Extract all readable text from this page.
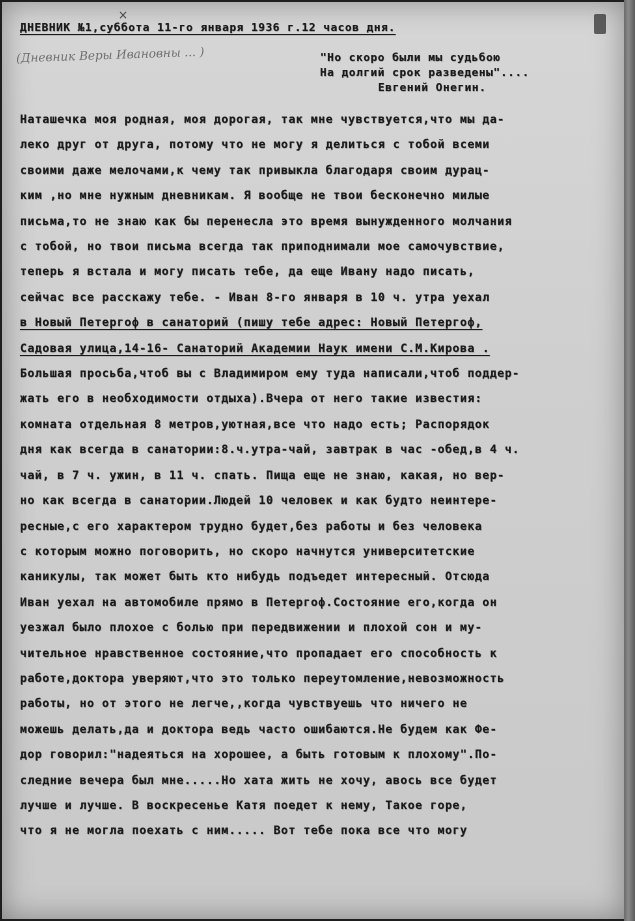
×
ДНЕВНИК №1,суббота 11-го января 1936 г.12 часов дня.
(Дневник Веры Ивановны ... )	"Но скоро были мы судьбою
На долгий срок разведены"....
Евгений Онегин.
Наташечка моя родная, моя дорогая, так мне чувствуется,что мы да-
леко друг от друга, потому что не могу я делиться с тобой всеми
своими даже мелочами,к чему так привыкла благодаря своим дурац-
ким ,но мне нужным дневникам. Я вообще не твои бесконечно милые
письма,то не знаю как бы перенесла это время вынужденного молчания
с тобой, но твои письма всегда так приподнимали мое самочувствие,
теперь я встала и могу писать тебе, да еще Ивану надо писать,
сейчас все расскажу тебе. - Иван 8-го января в 10 ч. утра уехал
в Новый Петергоф в санаторий (пишу тебе адрес: Новый Петергоф,
Садовая улица,14-16- Санаторий Академии Наук имени С.М.Кирова .
Большая просьба,чтоб вы с Владимиром ему туда написали,чтоб поддер-
жать его в необходимости отдыха).Вчера от него такие известия:
комната отдельная 8 метров,уютная,все что надо есть; Распорядок
дня как всегда в санатории:8.ч.утра-чай, завтрак в час -обед,в 4 ч.
чай, в 7 ч. ужин, в 11 ч. спать. Пища еще не знаю, какая, но вер-
но как всегда в санатории.Людей 10 человек и как будто неинтере-
ресные,с его характером трудно будет,без работы и без человека
с которым можно поговорить, но скоро начнутся университетские
каникулы, так может быть кто нибудь подъедет интересный. Отсюда
Иван уехал на автомобиле прямо в Петергоф.Состояние его,когда он
уезжал было плохое с болью при передвижении и плохой сон и му-
чительное нравственное состояние,что пропадает его способность к
работе,доктора уверяют,что это только переутомление,невозможность
работы, но от этого не легче,,когда чувствуешь что ничего не
можешь делать,да и доктора ведь часто ошибаются.Не будем как Фе-
дор говорил:"надеяться на хорошее, а быть готовым к плохому".По-
следние вечера был мне.....Но хата жить не хочу, авось все будет
лучше и лучше. В воскресенье Катя поедет к нему, Такое горе,
что я не могла поехать с ним..... Вот тебе пока все что могу
